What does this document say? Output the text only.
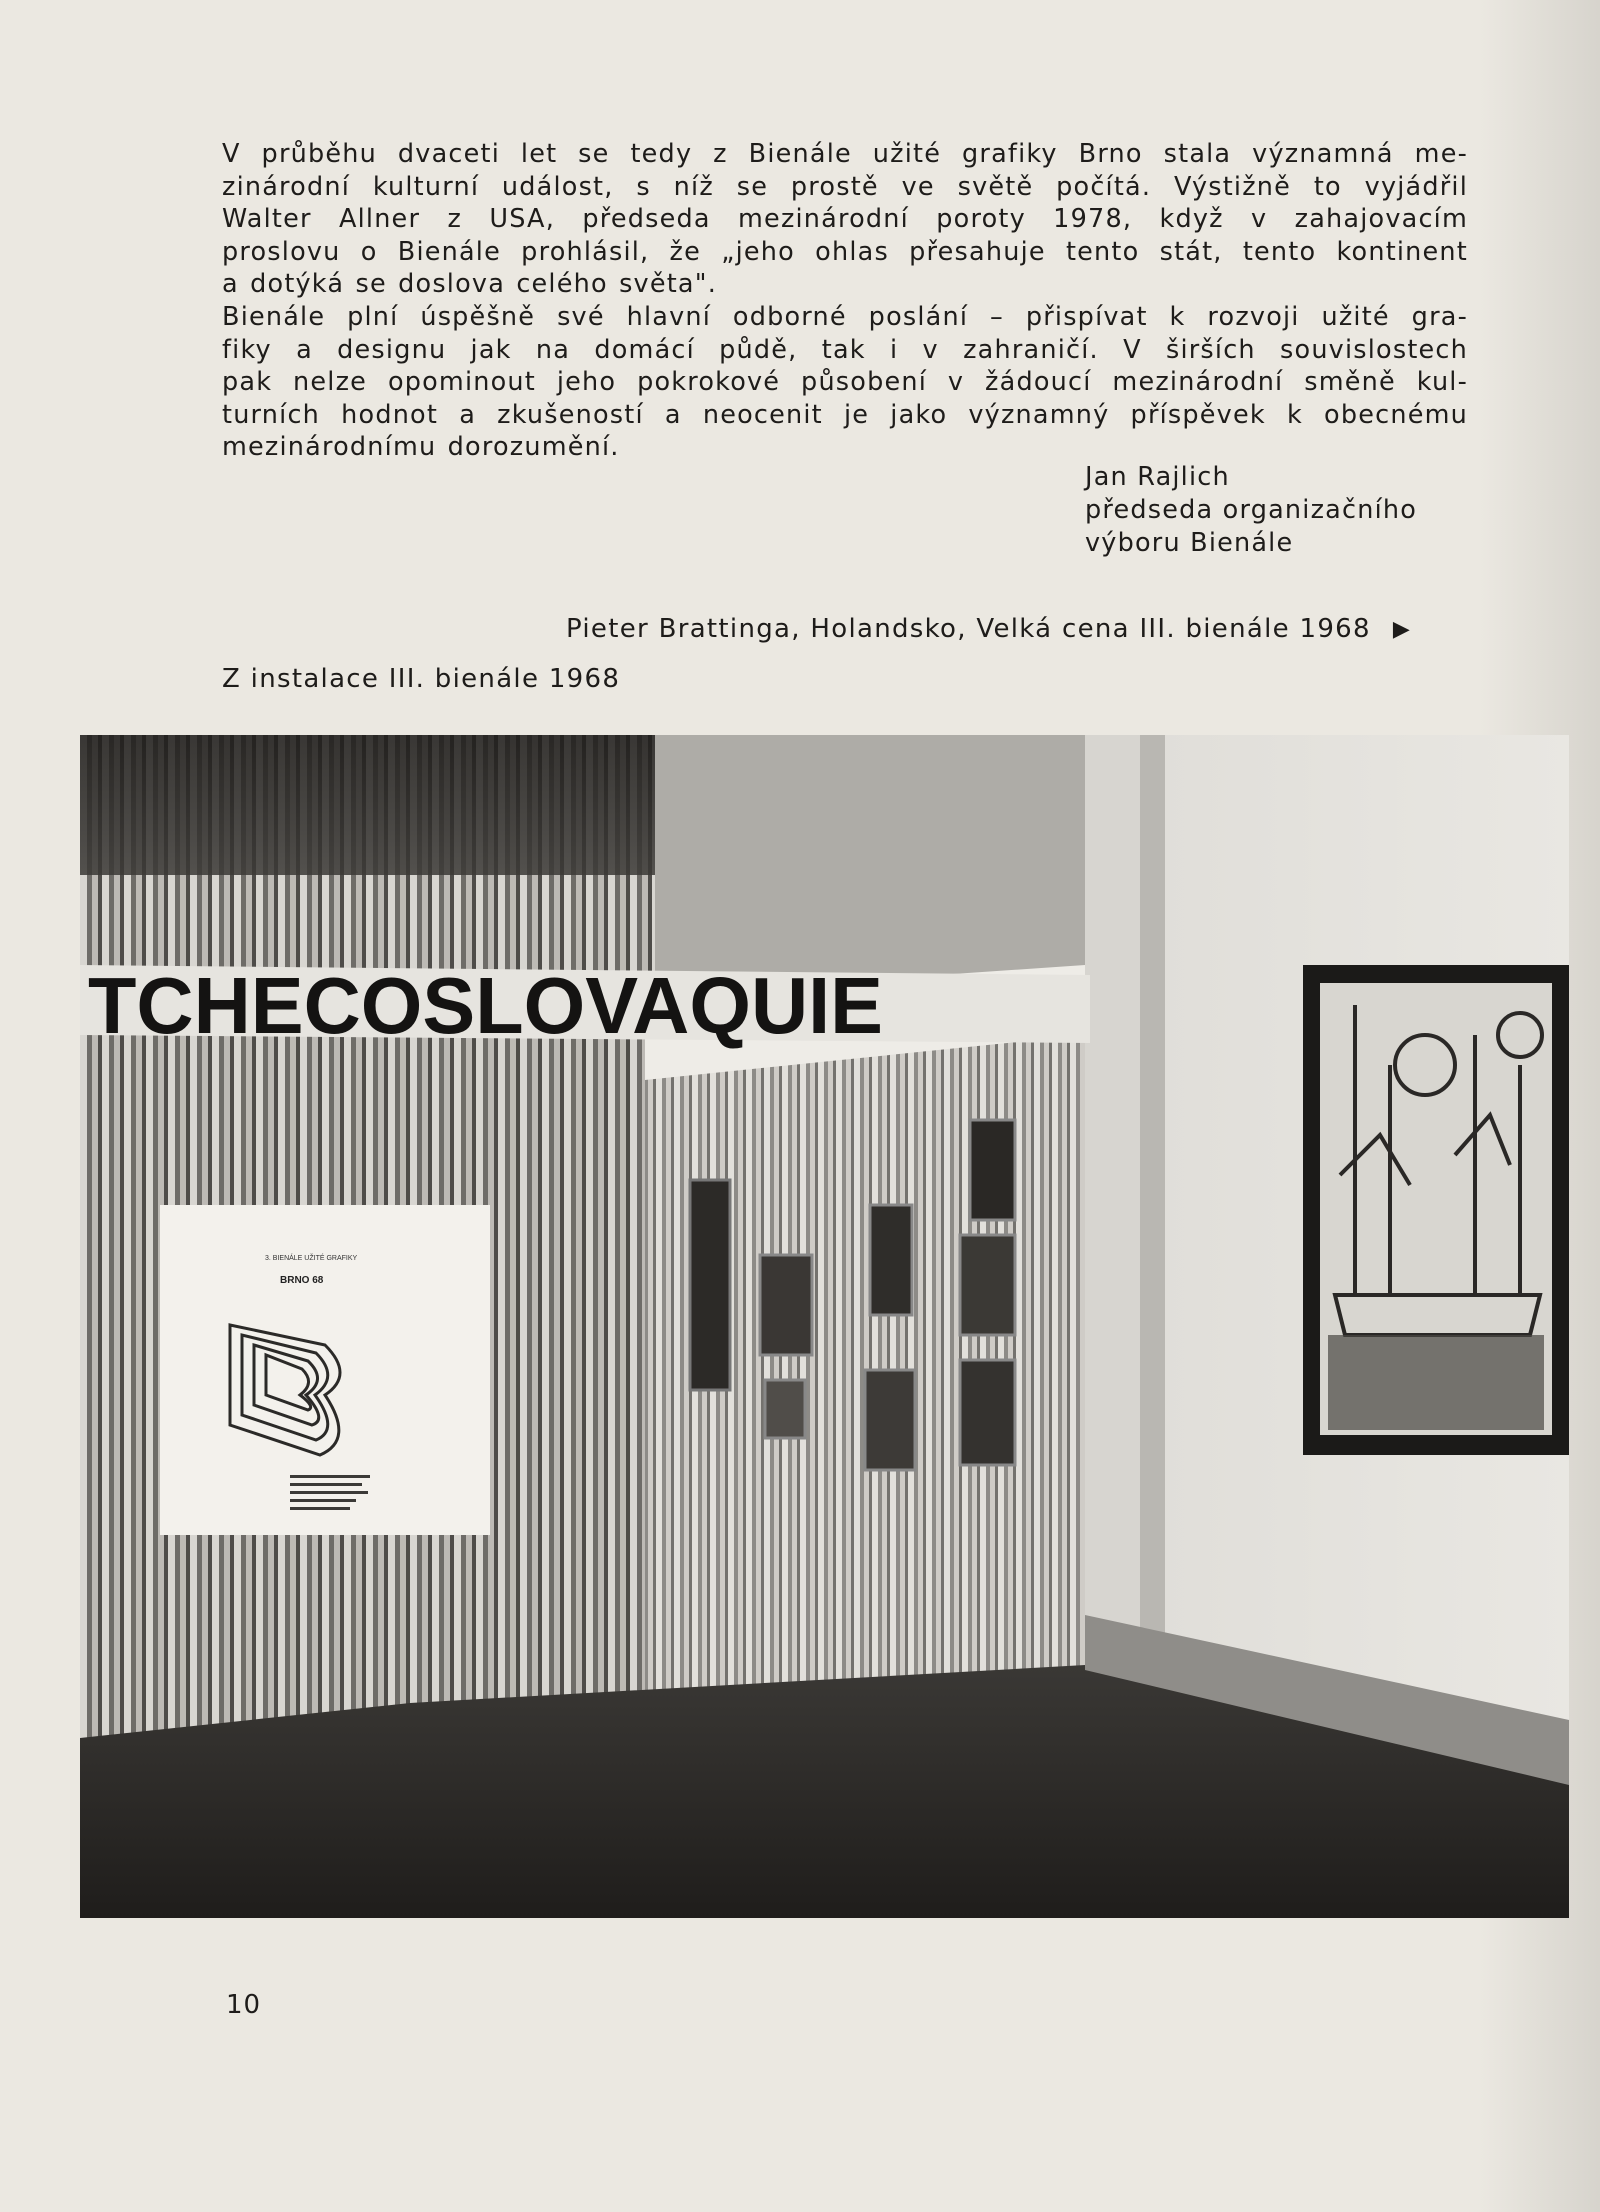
V průběhu dvaceti let se tedy z Bienále užité grafiky Brno stala významná me-
zinárodní kulturní událost, s níž se prostě ve světě počítá. Výstižně to vyjádřil
Walter Allner z USA, předseda mezinárodní poroty 1978, když v zahajovacím
proslovu o Bienále prohlásil, že „jeho ohlas přesahuje tento stát, tento kontinent
a dotýká se doslova celého světa".

Bienále plní úspěšně své hlavní odborné poslání – přispívat k rozvoji užité gra-
fiky a designu jak na domácí půdě, tak i v zahraničí. V širších souvislostech
pak nelze opominout jeho pokrokové působení v žádoucí mezinárodní směně kul-
turních hodnot a zkušeností a neocenit je jako významný příspěvek k obecnému
mezinárodnímu dorozumění.

Jan Rajlich
předseda organizačního
výboru Bienále
Pieter Brattinga, Holandsko, Velká cena III. bienále 1968 ▶
Z instalace III. bienále 1968
TCHECOSLOVAQUIE
3. BIENÁLE UŽITÉ GRAFIKY
BRNO 68
10
